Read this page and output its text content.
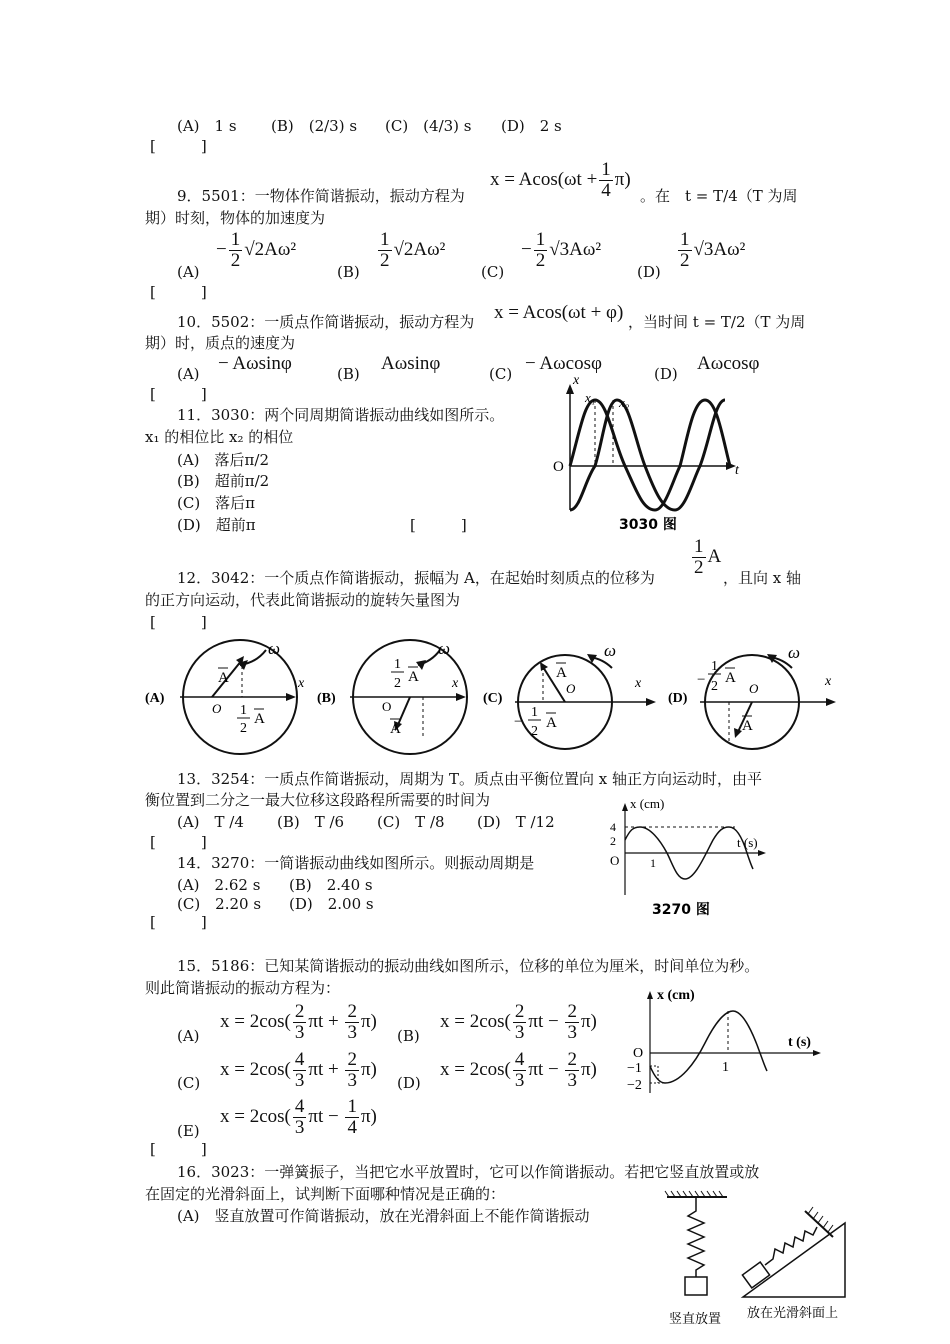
(A)　1 s (B)　(2/3) s (C)　(4/3) s (D)　2 s
[　　　]
$x = Acos(\omega t + \frac{1}{4} \pi)$
9．5501：一物体作简谐振动，振动方程为	。在　t = T/4（T 为周
期）时刻，物体的加速度为
(A)
− $\frac{1}{2} √2A\omega^2$
(B)
$\frac{1}{2} √2A\omega^2$
(C)
− $\frac{1}{2} √3A\omega^2$
(D)
$\frac{1}{2} √3A\omega^2$
[　　　]
10．5502：一质点作简谐振动，振动方程为 x = Acos(ωt + φ) ，当时间 t = T/2（T 为周
期）时，质点的速度为
(A) − Aωsinφ	(B) Aωsinφ	(C) − Aωcosφ	(D) Aωcosφ
[　　　]
11．3030：两个同周期简谐振动曲线如图所示。
x₁ 的相位比 x₂ 的相位
(A)　落后π/2
(B)　超前π/2
(C)　落后π
(D)　超前π	[　　　]
x
x₁ x₂
O	t
3030 图
12．3042：一个质点作简谐振动，振幅为 A，在起始时刻质点的位移为
$\frac{1}{2}$ A
，且向 x 轴
的正方向运动，代表此简谐振动的旋转矢量图为
[　　　]
(A)
ω
x
O
A
1
2
A
(B)
ω
x
O
1
2 A
A
(C)
ω
x
O
A
−
1
2
A
(D)
ω
x
O
−
1
2
A
A
13．3254：一质点作简谐振动，周期为 T。质点由平衡位置向 x 轴正方向运动时，由平
衡位置到二分之一最大位移这段路程所需要的时间为
(A)　T /4 (B)　T /6 (C)　T /8 (D)　T /12
[　　　]
14．3270：一简谐振动曲线如图所示。则振动周期是
(A)　2.62 s (B)　2.40 s
(C)　2.20 s (D)　2.00 s
[　　　]
x (cm)
t (s)
4
2
O	1
3270 图
15．5186：已知某简谐振动的振动曲线如图所示，位移的单位为厘米，时间单位为秒。
则此简谐振动的振动方程为：
(A)
$x = 2\cos( \frac{2}{3}$ $\pi t + \frac{2}{3} \pi$)
(B)
$x = 2\cos( \frac{2}{3}$ $\pi t - \frac{2}{3} \pi$)
(C)
$x = 2\cos( \frac{4}{3}$ $\pi t + \frac{2}{3} \pi$)
(D)
$x = 2\cos( \frac{4}{3}$ $\pi t - \frac{2}{3} \pi$)
(E)
$x = 2\cos( \frac{4}{3}$ $\pi t - \frac{1}{4} \pi$)
[　　　]
x (cm)
t (s)
O
−1
−2
1
16．3023：一弹簧振子，当把它水平放置时，它可以作简谐振动。若把它竖直放置或放
在固定的光滑斜面上，试判断下面哪种情况是正确的：
(A)　竖直放置可作简谐振动，放在光滑斜面上不能作简谐振动
竖直放置 放在光滑斜面上
